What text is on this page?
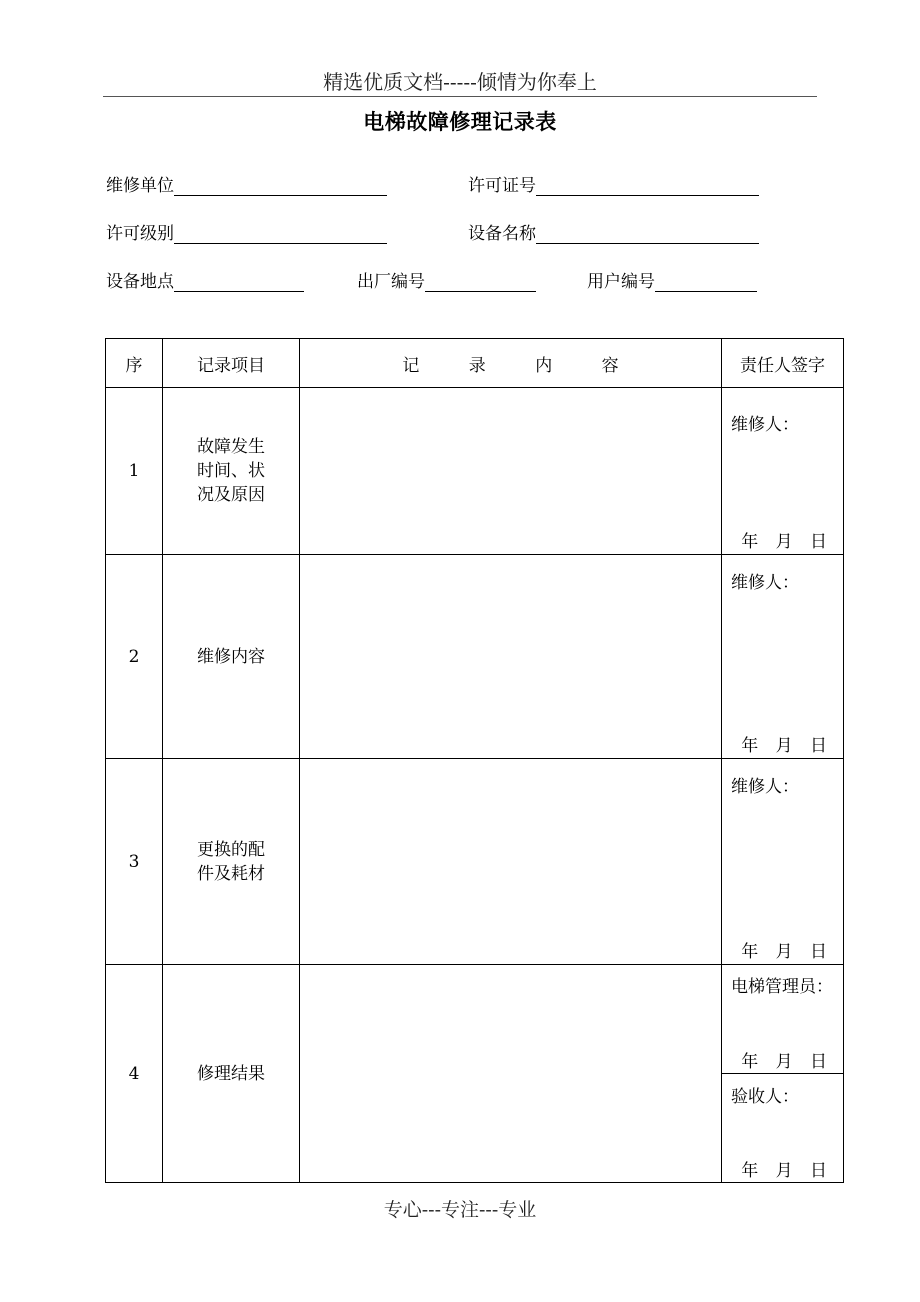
精选优质文档-----倾情为你奉上
电梯故障修理记录表
维修单位	许可证号
许可级别	设备名称
设备地点	出厂编号	用户编号
序	记录项目	记 录 内 容	责任人签字
1	故障发生
时间、状
况及原因		维修人：
年 月 日

2	维修内容		维修人：
年 月 日

3	更换的配
件及耗材		维修人：
年 月 日

4	修理结果		电梯管理员：
年 月 日
验收人：
年 月 日
专心---专注---专业
